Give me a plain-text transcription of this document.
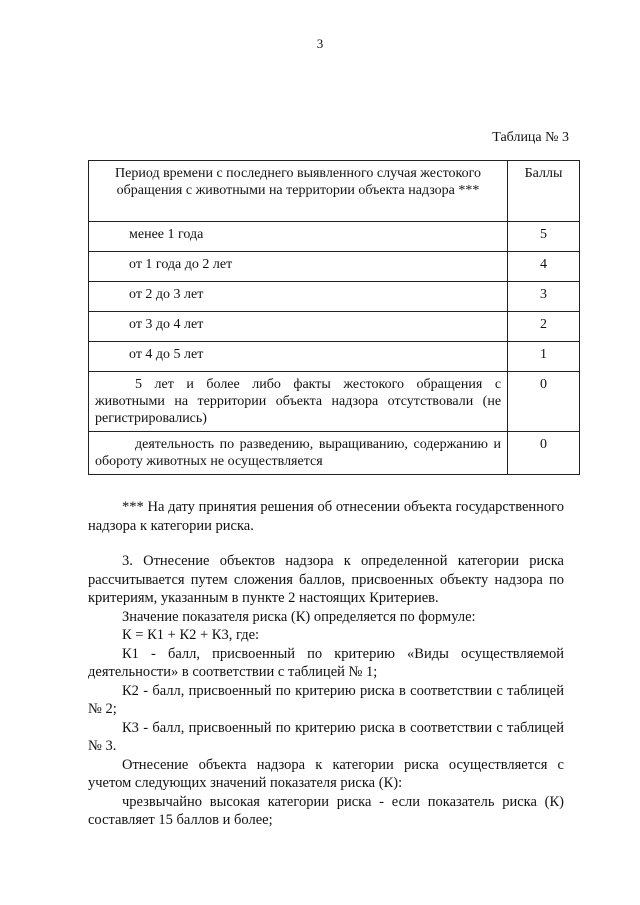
3
Таблица № 3
Период времени с последнего выявленного случая жестокого обращения с животными на территории объекта надзора ***	Баллы
менее 1 года	5
от 1 года до 2 лет	4
от 2 до 3 лет	3
от 3 до 4 лет	2
от 4 до 5 лет	1
5 лет и более либо факты жестокого обращения с животными на территории объекта надзора отсутствовали (не регистрировались)	0
деятельность по разведению, выращиванию, содержанию и обороту животных не осуществляется	0

*** На дату принятия решения об отнесении объекта государственного надзора к категории риска.

3. Отнесение объектов надзора к определенной категории риска рассчитывается путем сложения баллов, присвоенных объекту надзора по критериям, указанным в пункте 2 настоящих Критериев.

Значение показателя риска (К) определяется по формуле:

К = К1 + К2 + К3, где:

К1 - балл, присвоенный по критерию «Виды осуществляемой деятельности» в соответствии с таблицей № 1;

К2 - балл, присвоенный по критерию риска в соответствии с таблицей № 2;

К3 - балл, присвоенный по критерию риска в соответствии с таблицей № 3.

Отнесение объекта надзора к категории риска осуществляется с учетом следующих значений показателя риска (К):

чрезвычайно высокая категории риска - если показатель риска (К) составляет 15 баллов и более;
